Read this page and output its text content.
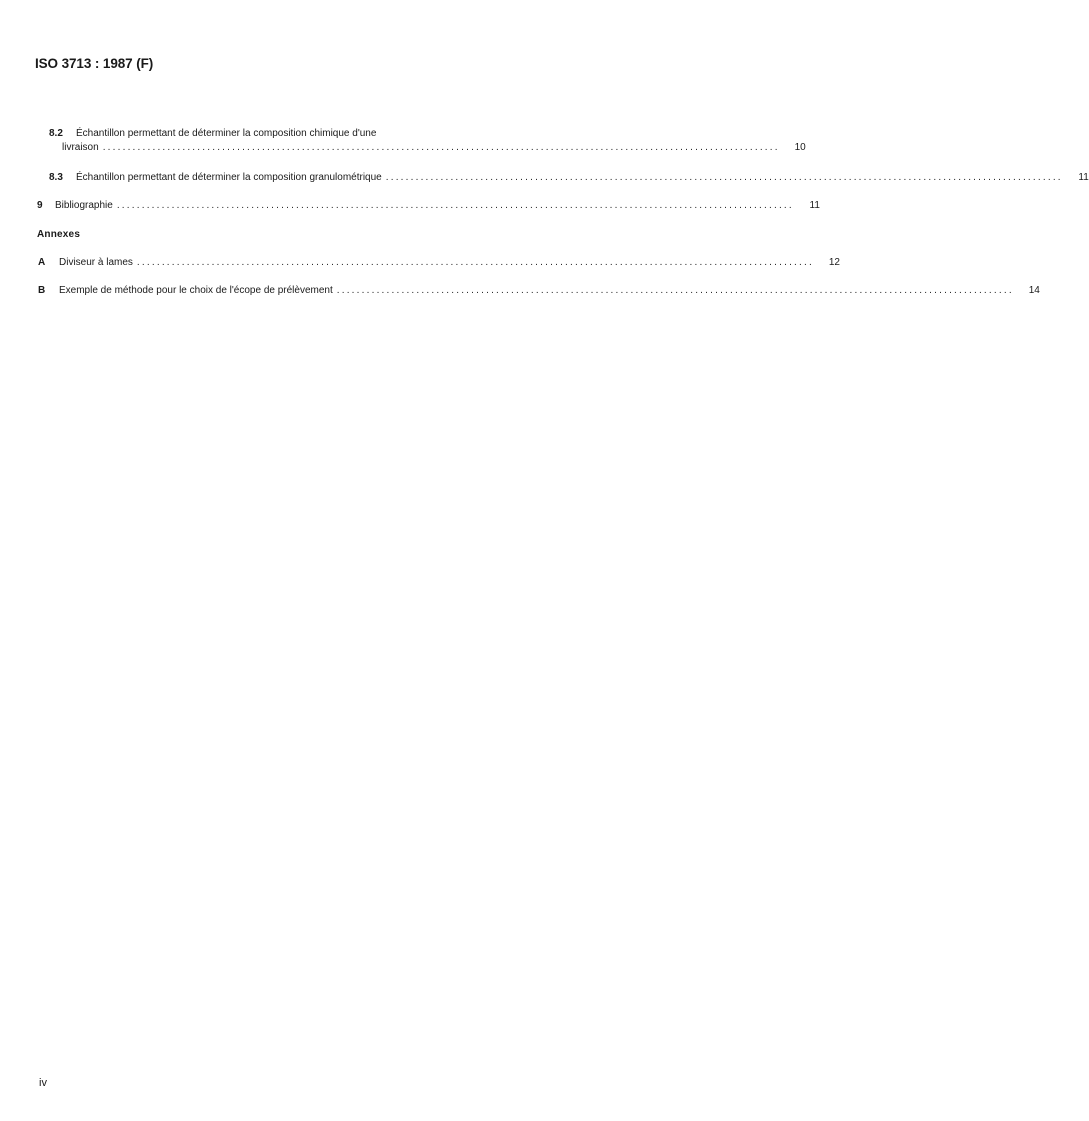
ISO 3713 : 1987 (F)
8.2 Échantillon permettant de déterminer la composition chimique d'une
livraison ........................................................................................................................................	10
8.3 Échantillon permettant de déterminer la composition granulométrique ........................................................................................................................................	11
9 Bibliographie ........................................................................................................................................	11
Annexes
A Diviseur à lames ........................................................................................................................................	12
B Exemple de méthode pour le choix de l'écope de prélèvement ........................................................................................................................................	14
iv
